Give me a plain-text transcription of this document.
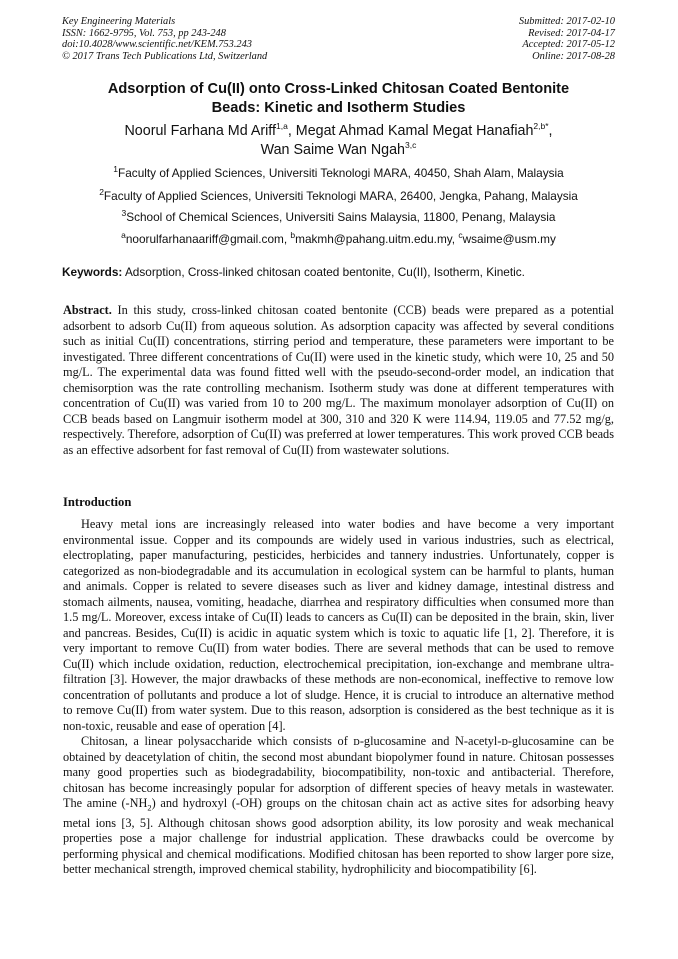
Key Engineering Materials
ISSN: 1662-9795, Vol. 753, pp 243-248
doi:10.4028/www.scientific.net/KEM.753.243
© 2017 Trans Tech Publications Ltd, Switzerland
Submitted: 2017-02-10
Revised: 2017-04-17
Accepted: 2017-05-12
Online: 2017-08-28
Adsorption of Cu(II) onto Cross-Linked Chitosan Coated Bentonite
Beads: Kinetic and Isotherm Studies
Noorul Farhana Md Ariff$^{1,a}$, Megat Ahmad Kamal Megat Hanafiah$^{2,b*}$,
Wan Saime Wan Ngah$^{3,c}$
$^1$Faculty of Applied Sciences, Universiti Teknologi MARA, 40450, Shah Alam, Malaysia
$^2$Faculty of Applied Sciences, Universiti Teknologi MARA, 26400, Jengka, Pahang, Malaysia
$^3$School of Chemical Sciences, Universiti Sains Malaysia, 11800, Penang, Malaysia
$^a$noorulfarhanaariff@gmail.com, $^b$makmh@pahang.uitm.edu.my, $^c$wsaime@usm.my
Keywords: Adsorption, Cross-linked chitosan coated bentonite, Cu(II), Isotherm, Kinetic.

Abstract. In this study, cross-linked chitosan coated bentonite (CCB) beads were prepared as a potential adsorbent to adsorb Cu(II) from aqueous solution. As adsorption capacity was affected by several conditions such as initial Cu(II) concentrations, stirring period and temperature, these parameters were important to be investigated. Three different concentrations of Cu(II) were used in the kinetic study, which were 10, 25 and 50 mg/L. The experimental data was found fitted well with the pseudo-second-order model, an indication that chemisorption was the rate controlling mechanism. Isotherm study was done at different temperatures with concentration of Cu(II) was varied from 10 to 200 mg/L. The maximum monolayer adsorption of Cu(II) on CCB beads based on Langmuir isotherm model at 300, 310 and 320 K were 114.94, 119.05 and 77.52 mg/g, respectively. Therefore, adsorption of Cu(II) was preferred at lower temperatures. This work proved CCB beads as an effective adsorbent for fast removal of Cu(II) from wastewater solutions.

Introduction

Heavy metal ions are increasingly released into water bodies and have become a very important environmental issue. Copper and its compounds are widely used in various industries, such as electrical, electroplating, paper manufacturing, pesticides, herbicides and tannery industries. Unfortunately, copper is categorized as non-biodegradable and its accumulation in ecological system can be harmful to plants, human and animals. Copper is related to severe diseases such as liver and kidney damage, intestinal distress and stomach ailments, nausea, vomiting, headache, diarrhea and respiratory difficulties when consumed more than 1.5 mg/L. Moreover, excess intake of Cu(II) leads to cancers as Cu(II) can be deposited in the brain, skin, liver and pancreas. Besides, Cu(II) is acidic in aquatic system which is toxic to aquatic life [1, 2]. Therefore, it is very important to remove Cu(II) from water bodies. There are several methods that can be used to remove Cu(II) which include oxidation, reduction, electrochemical precipitation, ion-exchange and membrane ultra-filtration [3]. However, the major drawbacks of these methods are non-economical, ineffective to remove low concentration of pollutants and produce a lot of sludge. Hence, it is crucial to introduce an alternative method to remove Cu(II) from water system. Due to this reason, adsorption is considered as the best technique as it is non-toxic, reusable and ease of operation [4].

Chitosan, a linear polysaccharide which consists of ᴅ-glucosamine and N-acetyl-ᴅ-glucosamine can be obtained by deacetylation of chitin, the second most abundant biopolymer found in nature. Chitosan possesses many good properties such as biodegradability, biocompatibility, non-toxic and antibacterial. Therefore, chitosan has become increasingly popular for adsorption of different species of heavy metals in wastewater. The amine $(-NH_2)$ and hydroxyl (-OH) groups on the chitosan chain act as active sites for adsorbing heavy metal ions [3, 5]. Although chitosan shows good adsorption ability, its low porosity and weak mechanical properties pose a major challenge for industrial application. These drawbacks could be overcome by performing physical and chemical modifications. Modified chitosan has been reported to show larger pore size, better mechanical strength, improved chemical stability, hydrophilicity and biocompatibility [6].
